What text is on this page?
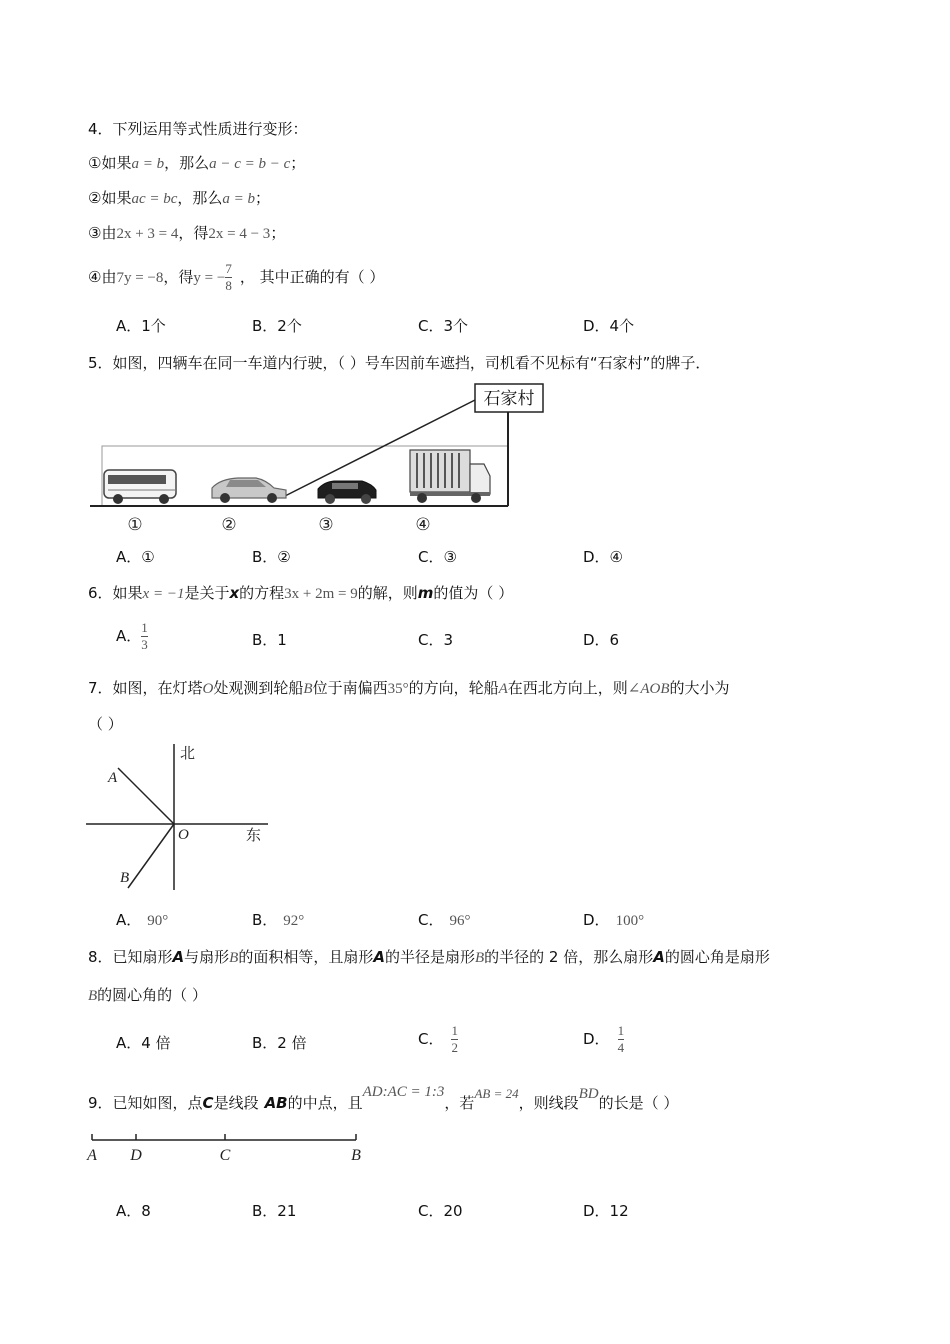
4．下列运用等式性质进行变形：
①如果a = b，那么a − c = b − c；
②如果ac = bc，那么a = b；
③由2x + 3 = 4，得2x = 4 − 3；
④由7y = −8，得$y = -\frac{7}{8}$ ， 其中正确的有（ ）
A．1个	B．2个	C．3个	D．4个
5．如图，四辆车在同一车道内行驶，（ ）号车因前车遮挡，司机看不见标有“石家村”的牌子．
石家村
①	②	③	④
A．①	B．②	C．③	D．④
6．如果x = −1是关于x的方程3x + 2m = 9的解，则m的值为（ ）
A．$\frac{1}{3}$	B．1	C．3	D．6
7．如图，在灯塔O处观测到轮船B位于南偏西35°的方向，轮船A在西北方向上，则∠AOB的大小为
（ ）
北
东
A
O
B
A． 90°	B． 92°	C． 96°	D． 100°
8．已知扇形A与扇形B的面积相等，且扇形A的半径是扇形B的半径的 2 倍，那么扇形A的圆心角是扇形
B的圆心角的（ ）
A．4 倍	B．2 倍	C． $\frac{1}{2}$	D． $\frac{1}{4}$
9．已知如图，点C是线段 AB的中点，且AD:AC = 1:3，若AB = 24，则线段BD的长是（ ）
A D	C	B
A．8	B．21	C．20	D．12
